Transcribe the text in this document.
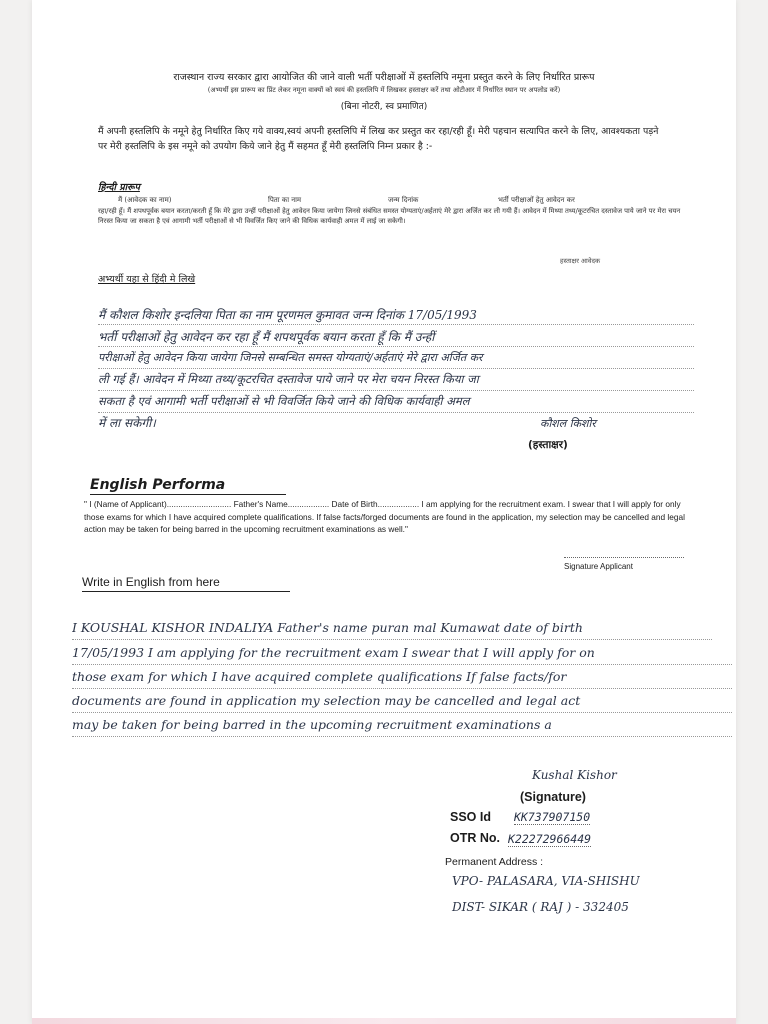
राजस्थान राज्य सरकार द्वारा आयोजित की जाने वाली भर्ती परीक्षाओं में हस्तलिपि नमूना प्रस्तुत करने के लिए निर्धारित प्रारूप
(अभ्यर्थी इस प्रारूप का प्रिंट लेकर नमूना वाक्यों को स्वयं की हस्तलिपि में लिखकर हस्ताक्षर करें तथा ओटीआर में निर्धारित स्थान पर अपलोड करें)
(बिना नोटरी, स्व प्रमाणित)
मैं अपनी हस्तलिपि के नमूने हेतु निर्धारित किए गये वाक्य,स्वयं अपनी हस्तलिपि में लिख कर प्रस्तुत कर रहा/रही हूँ। मेरी पहचान सत्यापित करने के लिए, आवश्यकता पड़ने पर मेरी हस्तलिपि के इस नमूने को उपयोग किये जाने हेतु मैं सहमत हूँ मेरी हस्तलिपि निम्न प्रकार है :-
हिन्दी प्रारूप
मैं (आवेदक का नाम)	पिता का नाम	जन्म दिनांक	भर्ती परीक्षाओं हेतु आवेदन कर
रहा/रही हूँ। मैं शपथपूर्वक बयान करता/करती हूँ कि मेरे द्वारा उन्हीं परीक्षाओं हेतु आवेदन किया जायेगा जिनसे संबंधित समस्त योग्यताएं/अर्हताएं मेरे द्वारा अर्जित कर ली गयी हैं। आवेदन में मिथ्या तथ्य/कूटरचित दस्तावेज पाये जाने पर मेरा चयन निरस्त किया जा सकता है एवं आगामी भर्ती परीक्षाओं से भी विवर्जित किए जाने की विधिक कार्यवाही अमल में लाई जा सकेगी।
हस्ताक्षर आवेदक
अभ्यर्थी यहा से हिंदी मे लिखे
मैं कौशल किशोर इन्दलिया पिता का नाम पूरणमल कुमावत जन्म दिनांक 17/05/1993
भर्ती परीक्षाओं हेतु आवेदन कर रहा हूँ मैं शपथपूर्वक बयान करता हूँ कि मैं उन्हीं
परीक्षाओं हेतु आवेदन किया जायेगा जिनसे सम्बन्धित समस्त योग्यताएं/अर्हताएं मेरे द्वारा अर्जित कर
ली गई हैं। आवेदन में मिथ्या तथ्य/कूटरचित दस्तावेज पाये जाने पर मेरा चयन निरस्त किया जा
सकता है एवं आगामी भर्ती परीक्षाओं से भी विवर्जित किये जाने की विधिक कार्यवाही अमल
में ला सकेगी।	कौशल किशोर
(हस्ताक्षर)
English Performa
" I (Name of Applicant)............................ Father's Name.................. Date of Birth.................. I am applying for the recruitment exam. I swear that I will apply for only those exams for which I have acquired complete qualifications. If false facts/forged documents are found in the application, my selection may be cancelled and legal action may be taken for being barred in the upcoming recruitment examinations as well."
Signature Applicant
Write in English from here
I KOUSHAL KISHOR INDALIYA Father's name puran mal Kumawat date of birth
17/05/1993 I am applying for the recruitment exam I swear that I will apply for on
those exam for which I have acquired complete qualifications If false facts/for
documents are found in application my selection may be cancelled and legal act
may be taken for being barred in the upcoming recruitment examinations a
Kushal Kishor
(Signature)
SSO Id KK737907150
OTR No. K22272966449
Permanent Address :
VPO- PALASARA, VIA-SHISHU
DIST- SIKAR ( RAJ ) - 332405
